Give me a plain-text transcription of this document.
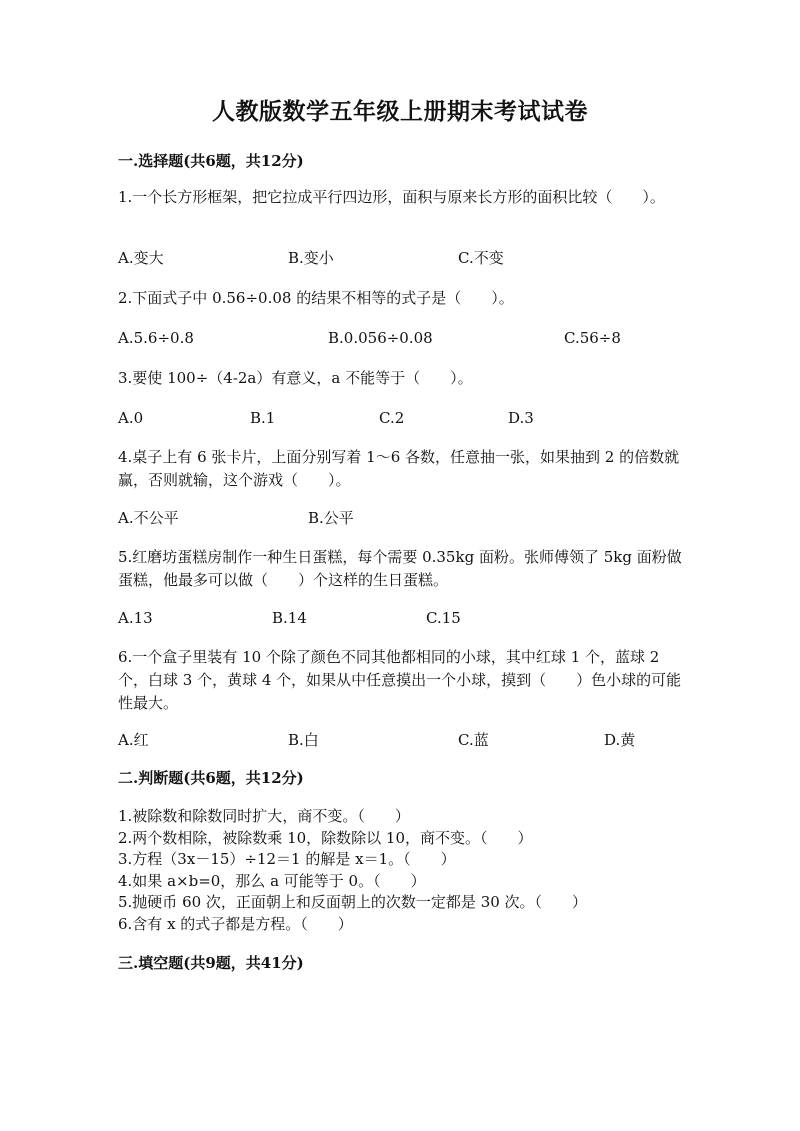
人教版数学五年级上册期末考试试卷
一.选择题(共6题，共12分)
1.一个长方形框架，把它拉成平行四边形，面积与原来长方形的面积比较（　　）。
A.变大	B.变小	C.不变
2.下面式子中 0.56÷0.08 的结果不相等的式子是（　　）。
A.5.6÷0.8	B.0.056÷0.08	C.56÷8
3.要使 100÷（4-2a）有意义，a 不能等于（　　）。
A.0	B.1	C.2	D.3
4.桌子上有 6 张卡片，上面分别写着 1～6 各数，任意抽一张，如果抽到 2 的倍数就赢，否则就输，这个游戏（　　）。
A.不公平	B.公平
5.红磨坊蛋糕房制作一种生日蛋糕，每个需要 0.35kg 面粉。张师傅领了 5kg 面粉做蛋糕，他最多可以做（　　）个这样的生日蛋糕。
A.13	B.14	C.15
6.一个盒子里装有 10 个除了颜色不同其他都相同的小球，其中红球 1 个，蓝球 2 个，白球 3 个，黄球 4 个，如果从中任意摸出一个小球，摸到（　　）色小球的可能性最大。
A.红	B.白	C.蓝	D.黄
二.判断题(共6题，共12分)
1.被除数和除数同时扩大，商不变。（　　）
2.两个数相除，被除数乘 10，除数除以 10，商不变。（　　）
3.方程（3x－15）÷12＝1 的解是 x＝1。（　　）
4.如果 a×b=0，那么 a 可能等于 0。（　　）
5.抛硬币 60 次，正面朝上和反面朝上的次数一定都是 30 次。（　　）
6.含有 x 的式子都是方程。（　　）
三.填空题(共9题，共41分)
